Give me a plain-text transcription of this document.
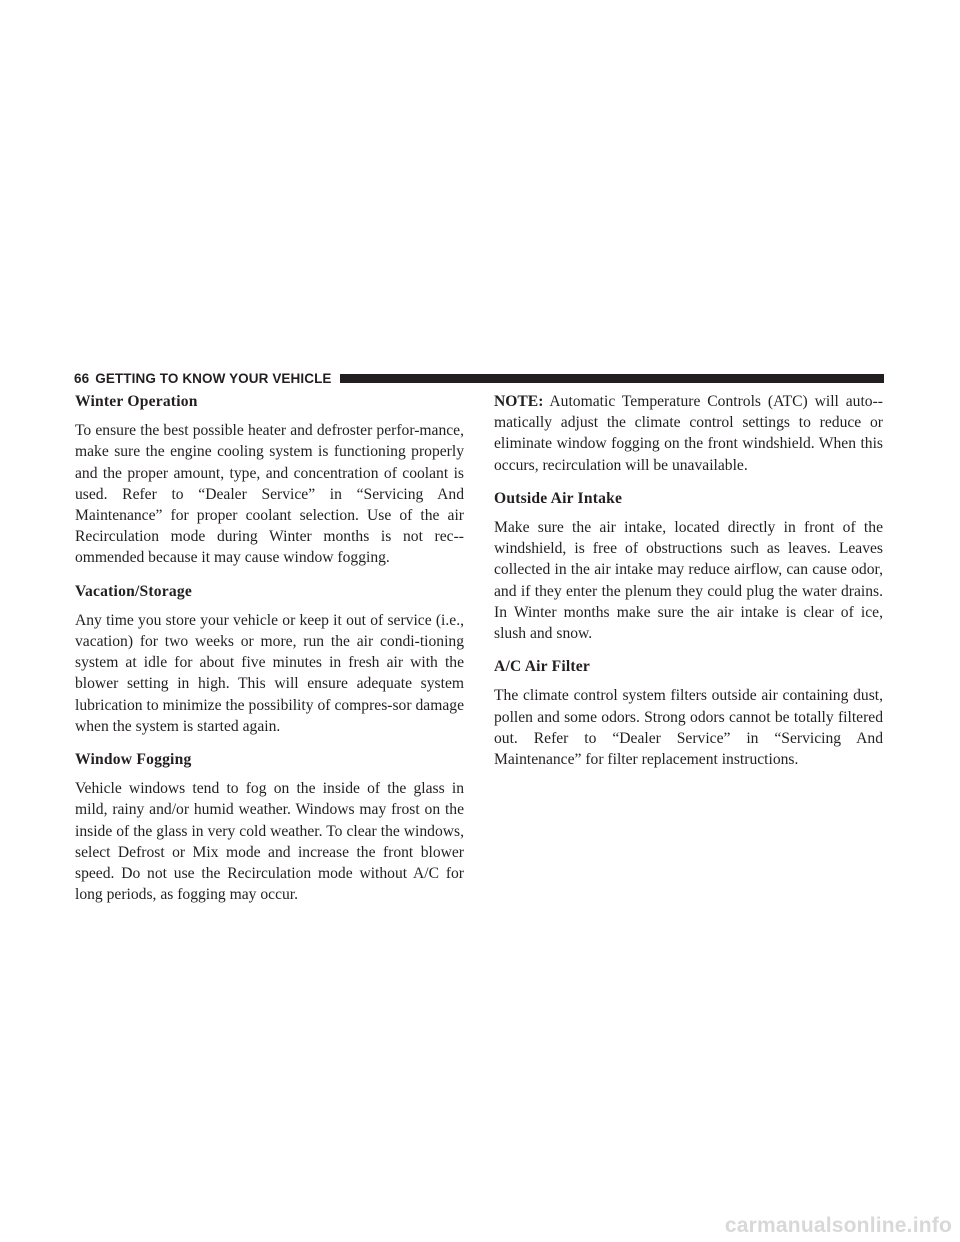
66 GETTING TO KNOW YOUR VEHICLE
Winter Operation

To ensure the best possible heater and defroster perfor-mance, make sure the engine cooling system is functioning properly and the proper amount, type, and concentration of coolant is used. Refer to “Dealer Service” in “Servicing And Maintenance” for proper coolant selection. Use of the air Recirculation mode during Winter months is not rec-ommended because it may cause window fogging.

Vacation/Storage

Any time you store your vehicle or keep it out of service (i.e., vacation) for two weeks or more, run the air condi-tioning system at idle for about five minutes in fresh air with the blower setting in high. This will ensure adequate system lubrication to minimize the possibility of compres-sor damage when the system is started again.

Window Fogging

Vehicle windows tend to fog on the inside of the glass in mild, rainy and/or humid weather. Windows may frost on the inside of the glass in very cold weather. To clear the windows, select Defrost or Mix mode and increase the front blower speed. Do not use the Recirculation mode without A/C for long periods, as fogging may occur.

NOTE: Automatic Temperature Controls (ATC) will auto-matically adjust the climate control settings to reduce or eliminate window fogging on the front windshield. When this occurs, recirculation will be unavailable.

Outside Air Intake

Make sure the air intake, located directly in front of the windshield, is free of obstructions such as leaves. Leaves collected in the air intake may reduce airflow, can cause odor, and if they enter the plenum they could plug the water drains. In Winter months make sure the air intake is clear of ice, slush and snow.

A/C Air Filter

The climate control system filters outside air containing dust, pollen and some odors. Strong odors cannot be totally filtered out. Refer to “Dealer Service” in “Servicing And Maintenance” for filter replacement instructions.

carmanualsonline.info
